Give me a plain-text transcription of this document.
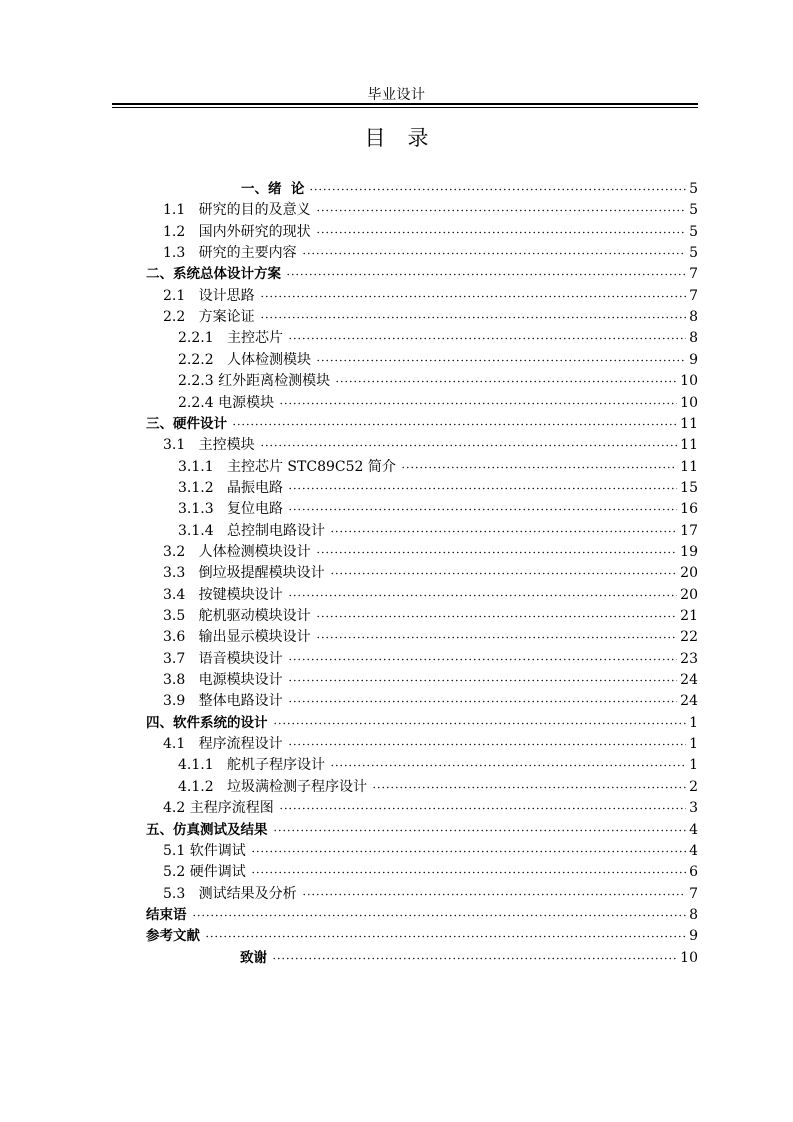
毕业设计
目录
一、绪  论	5
1.1   研究的目的及意义	5
1.2   国内外研究的现状	5
1.3   研究的主要内容	5
二、系统总体设计方案	7
2.1   设计思路	7
2.2   方案论证	8
2.2.1   主控芯片	8
2.2.2   人体检测模块	9
2.2.3 红外距离检测模块	10
2.2.4 电源模块	10
三、硬件设计	11
3.1   主控模块	11
3.1.1   主控芯片 STC89C52 简介	11
3.1.2   晶振电路	15
3.1.3   复位电路	16
3.1.4   总控制电路设计	17
3.2   人体检测模块设计	19
3.3   倒垃圾提醒模块设计	20
3.4   按键模块设计	20
3.5   舵机驱动模块设计	21
3.6   输出显示模块设计	22
3.7   语音模块设计	23
3.8   电源模块设计	24
3.9   整体电路设计	24
四、软件系统的设计	1
4.1   程序流程设计	1
4.1.1   舵机子程序设计	1
4.1.2   垃圾满检测子程序设计	2
4.2 主程序流程图	3
五、仿真测试及结果	4
5.1 软件调试	4
5.2 硬件调试	6
5.3   测试结果及分析	7
结束语	8
参考文献	9
致谢	10
